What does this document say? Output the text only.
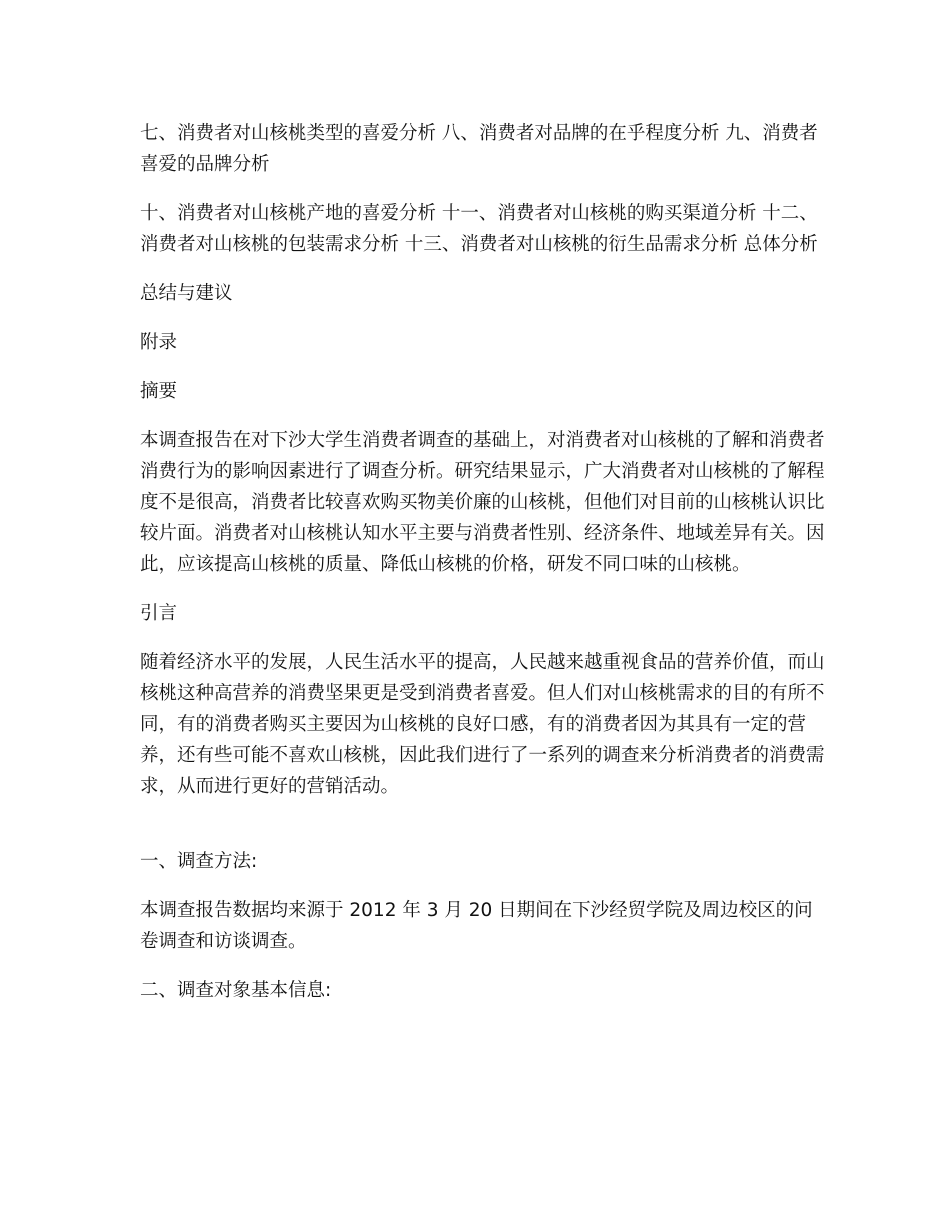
七、消费者对山核桃类型的喜爱分析 八、消费者对品牌的在乎程度分析 九、消费者喜爱的品牌分析

十、消费者对山核桃产地的喜爱分析 十一、消费者对山核桃的购买渠道分析 十二、消费者对山核桃的包装需求分析 十三、消费者对山核桃的衍生品需求分析 总体分析

总结与建议

附录

摘要

本调查报告在对下沙大学生消费者调查的基础上，对消费者对山核桃的了解和消费者消费行为的影响因素进行了调查分析。研究结果显示，广大消费者对山核桃的了解程度不是很高，消费者比较喜欢购买物美价廉的山核桃，但他们对目前的山核桃认识比较片面。消费者对山核桃认知水平主要与消费者性别、经济条件、地域差异有关。因此，应该提高山核桃的质量、降低山核桃的价格，研发不同口味的山核桃。

引言

随着经济水平的发展，人民生活水平的提高，人民越来越重视食品的营养价值，而山核桃这种高营养的消费坚果更是受到消费者喜爱。但人们对山核桃需求的目的有所不同，有的消费者购买主要因为山核桃的良好口感，有的消费者因为其具有一定的营养，还有些可能不喜欢山核桃，因此我们进行了一系列的调查来分析消费者的消费需求，从而进行更好的营销活动。

一、调查方法:

本调查报告数据均来源于 2012 年 3 月 20 日期间在下沙经贸学院及周边校区的问卷调查和访谈调查。

二、调查对象基本信息:
